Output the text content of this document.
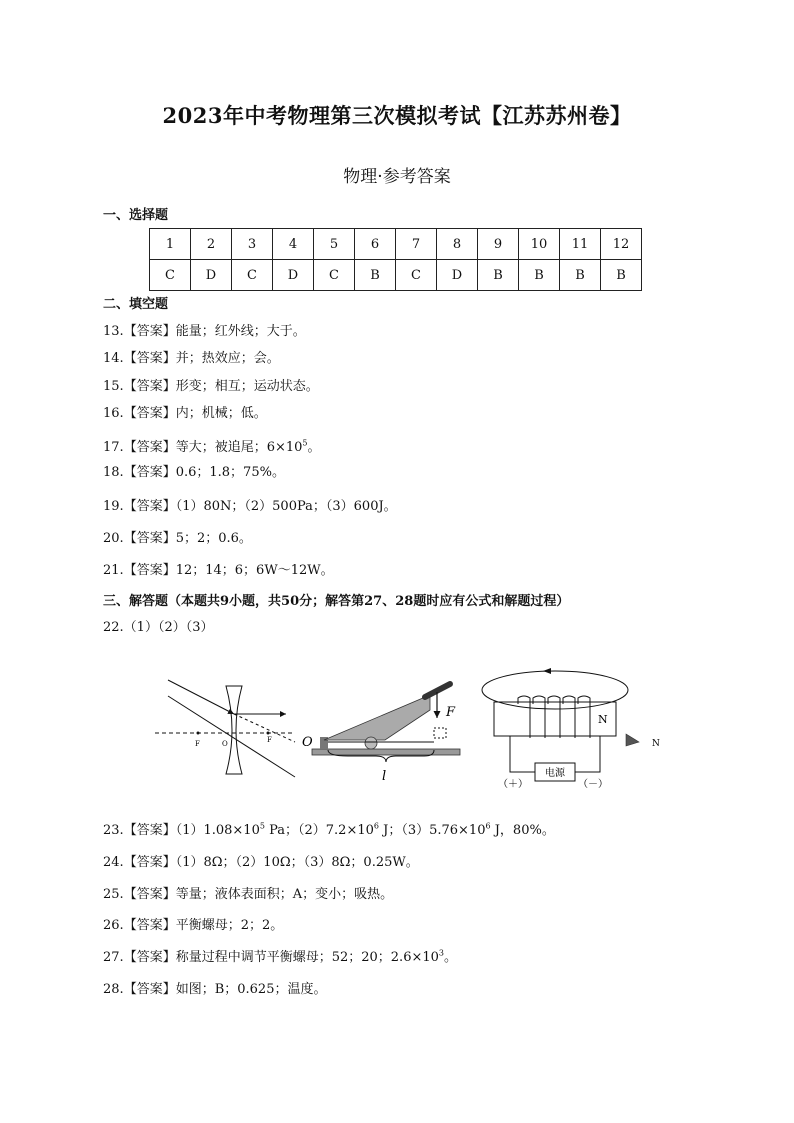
2023年中考物理第三次模拟考试【江苏苏州卷】
物理·参考答案
一、选择题
1	2	3	4	5	6	7	8	9	10	11	12
C	D	C	D	C	B	C	D	B	B	B	B
二、填空题
13.【答案】能量；红外线；大于。
14.【答案】并；热效应；会。
15.【答案】形变；相互；运动状态。
16.【答案】内；机械；低。
17.【答案】等大；被追尾；$6\times 10^5$。
18.【答案】0.6；1.8；75%。
19.【答案】（1）80N；（2）500Pa；（3）600J。
20.【答案】5；2；0.6。
21.【答案】12；14；6；6W～12W。
三、解答题（本题共9小题，共50分；解答第27、28题时应有公式和解题过程）
22.（1）（2）（3）
F	O	F
F
O
l
N
N
电源
（＋）	（－）
23.【答案】$(1)1.08\times 10^5$ Pa；$(2)7.2\times 10^6$ J；$(3)5.76\times 10^6$ J，80%。
24.【答案】（1）8Ω；（2）10Ω；（3）8Ω；0.25W。
25.【答案】等量；液体表面积；A；变小；吸热。
26.【答案】平衡螺母；2；2。
27.【答案】称量过程中调节平衡螺母；52；20；$2.6\times 10^3$。
28.【答案】如图；B；0.625；温度。
